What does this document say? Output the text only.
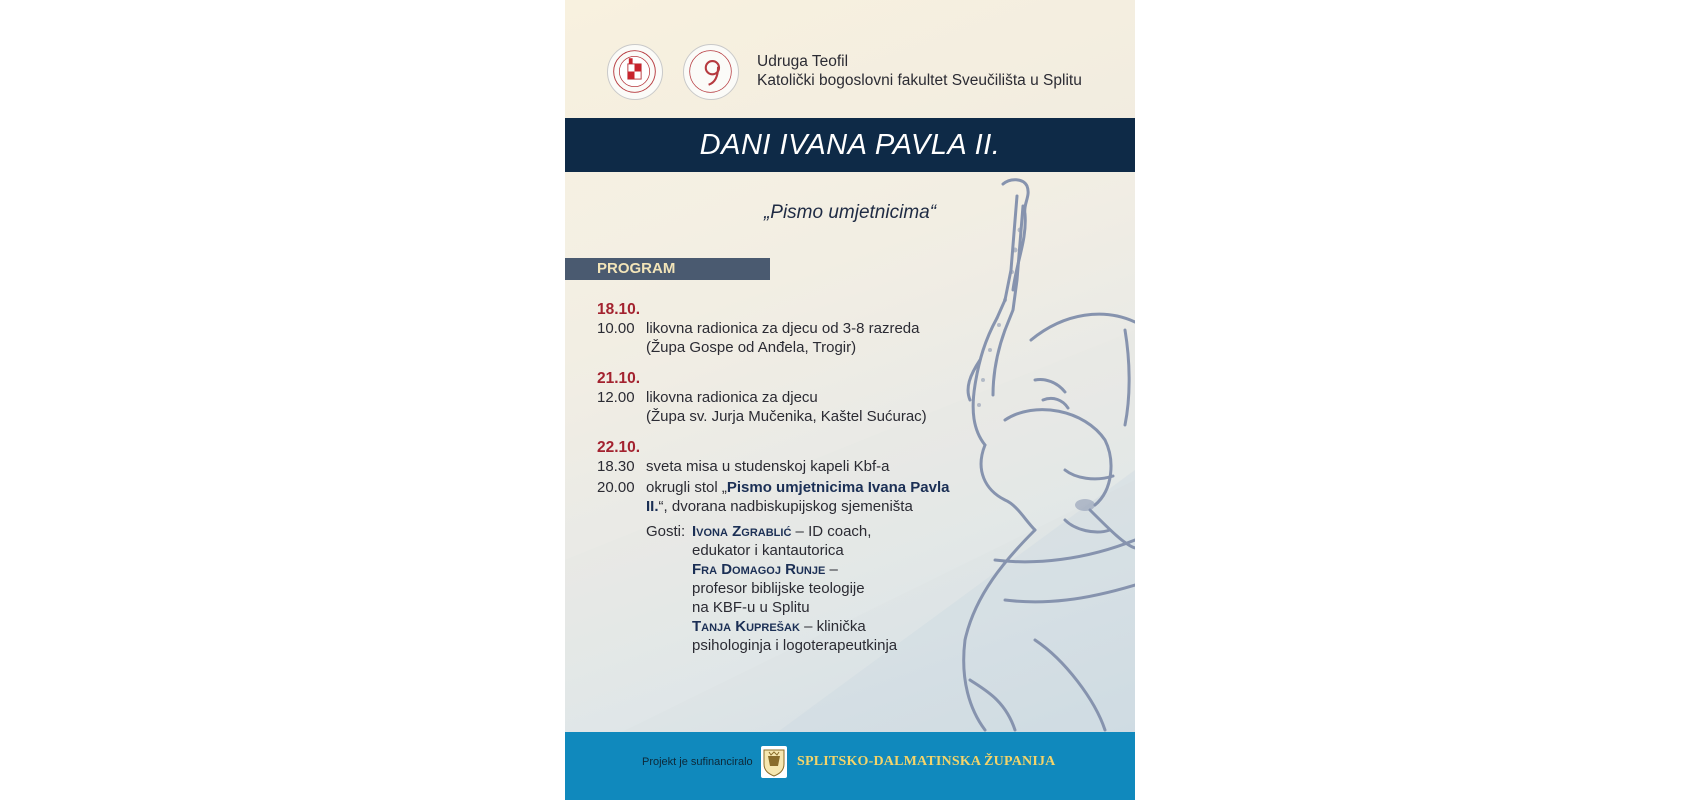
Udruga Teofil
Katolički bogoslovni fakultet Sveučilišta u Splitu
DANI IVANA PAVLA II.
„Pismo umjetnicima“
PROGRAM
18.10.
10.00 likovna radionica za djecu od 3-8 razreda
(Župa Gospe od Anđela, Trogir)
21.10.
12.00 likovna radionica za djecu
(Župa sv. Jurja Mučenika, Kaštel Sućurac)
22.10.
18.30 sveta misa u studenskoj kapeli Kbf-a
20.00 okrugli stol „Pismo umjetnicima Ivana Pavla II.“, dvorana nadbiskupijskog sjemeništa
Gosti: Ivona Zgrablić – ID coach,
edukator i kantautorica
Fra Domagoj Runje –
profesor biblijske teologije
na KBF-u u Splitu
Tanja Kuprešak – klinička
psihologinja i logoterapeutkinja
Projekt je sufinanciralo	SPLITSKO-DALMATINSKA ŽUPANIJA
